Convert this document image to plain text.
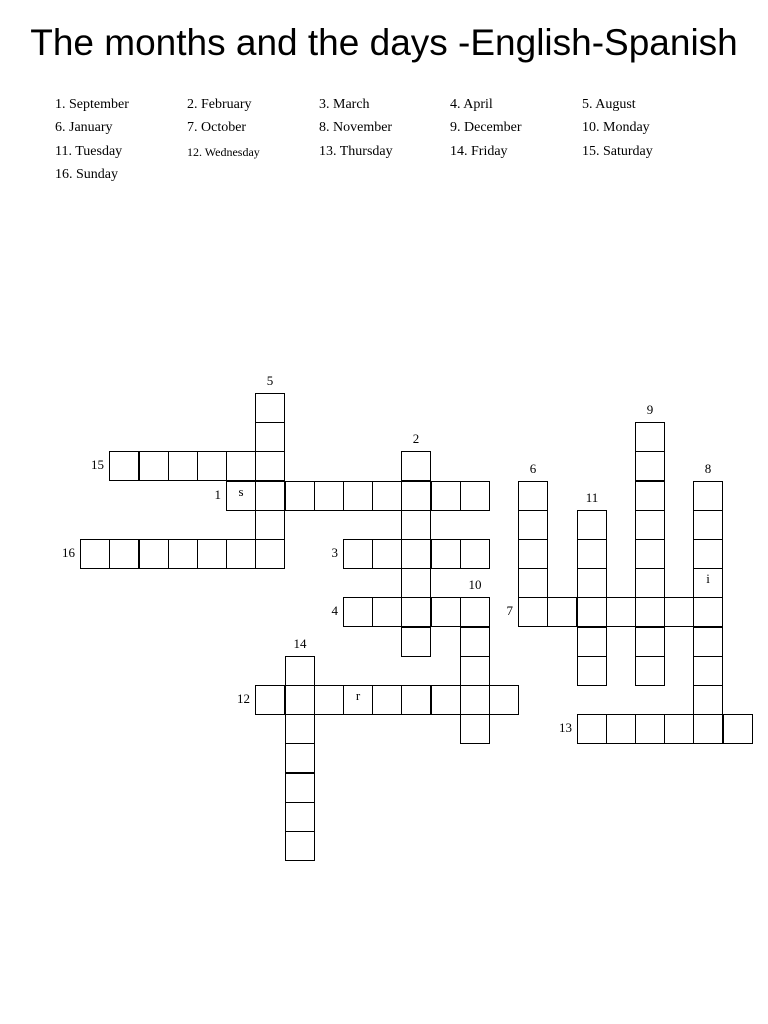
The months and the days -English-Spanish
1. September	2. February	3. March	4. April	5. August
6. January	7. October	8. November	9. December	10. Monday
11. Tuesday	12. Wednesday	13. Thursday	14. Friday	15. Saturday
16. Sunday
s
i
r
1
2
3
4
5
6
7
8
9
10
11
12
13
14
15
16
